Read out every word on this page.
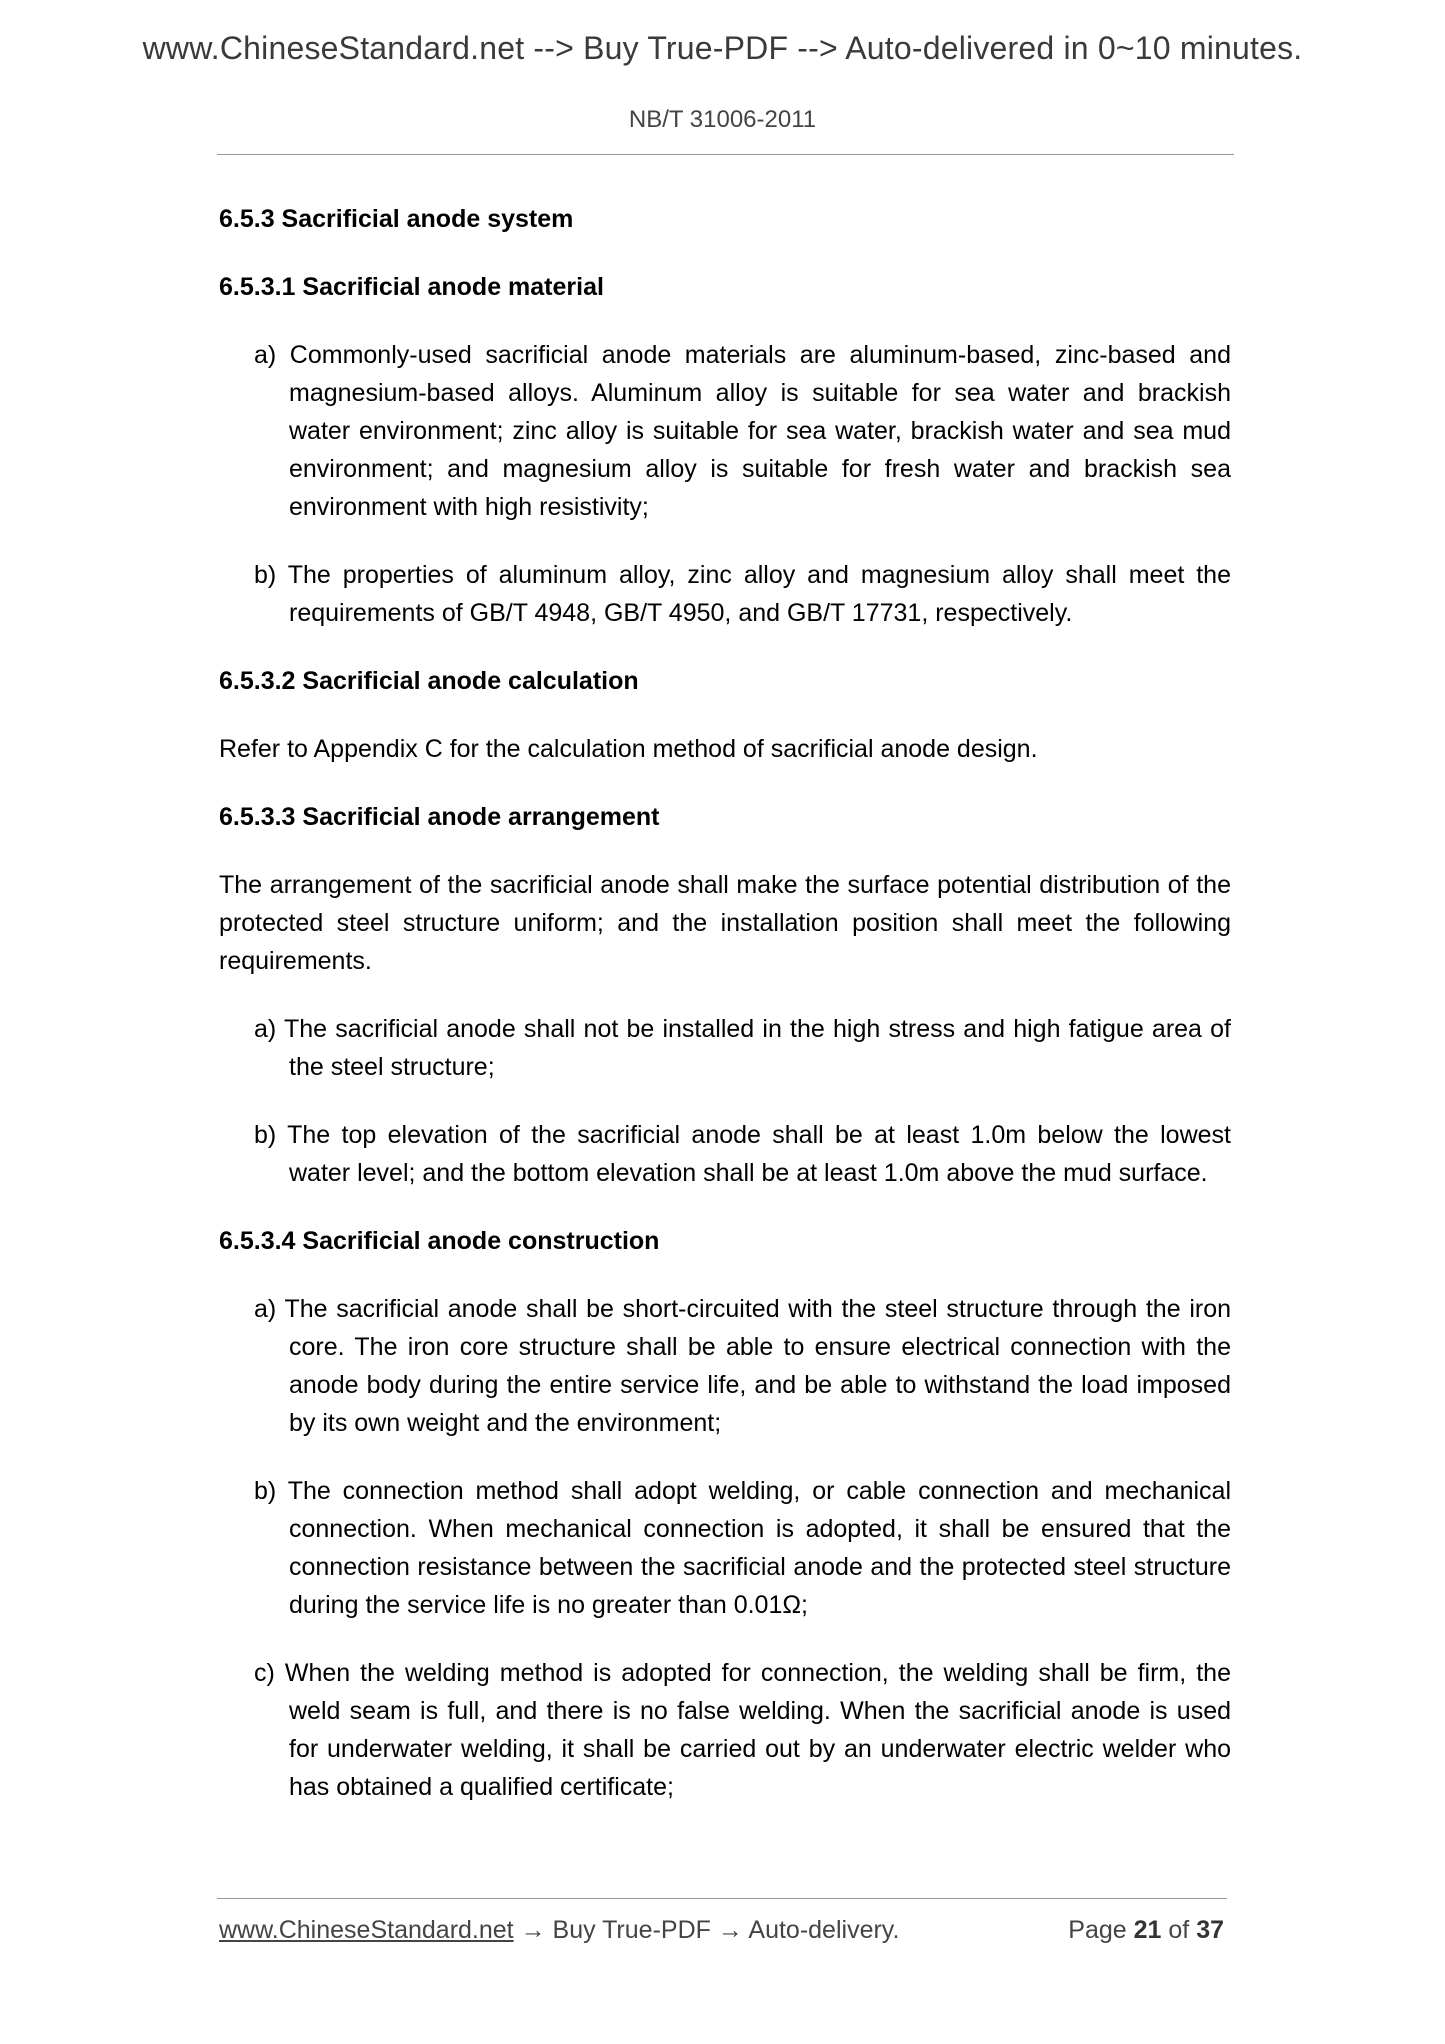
www.ChineseStandard.net --> Buy True-PDF --> Auto-delivered in 0~10 minutes.
NB/T 31006-2011
6.5.3 Sacrificial anode system
6.5.3.1 Sacrificial anode material
a) Commonly-used sacrificial anode materials are aluminum-based, zinc-based and magnesium-based alloys. Aluminum alloy is suitable for sea water and brackish water environment; zinc alloy is suitable for sea water, brackish water and sea mud environment; and magnesium alloy is suitable for fresh water and brackish sea environment with high resistivity;
b) The properties of aluminum alloy, zinc alloy and magnesium alloy shall meet the requirements of GB/T 4948, GB/T 4950, and GB/T 17731, respectively.
6.5.3.2 Sacrificial anode calculation
Refer to Appendix C for the calculation method of sacrificial anode design.
6.5.3.3 Sacrificial anode arrangement
The arrangement of the sacrificial anode shall make the surface potential distribution of the protected steel structure uniform; and the installation position shall meet the following requirements.
a) The sacrificial anode shall not be installed in the high stress and high fatigue area of the steel structure;
b) The top elevation of the sacrificial anode shall be at least 1.0m below the lowest water level; and the bottom elevation shall be at least 1.0m above the mud surface.
6.5.3.4 Sacrificial anode construction
a) The sacrificial anode shall be short-circuited with the steel structure through the iron core. The iron core structure shall be able to ensure electrical connection with the anode body during the entire service life, and be able to withstand the load imposed by its own weight and the environment;
b) The connection method shall adopt welding, or cable connection and mechanical connection. When mechanical connection is adopted, it shall be ensured that the connection resistance between the sacrificial anode and the protected steel structure during the service life is no greater than 0.01Ω;
c) When the welding method is adopted for connection, the welding shall be firm, the weld seam is full, and there is no false welding. When the sacrificial anode is used for underwater welding, it shall be carried out by an underwater electric welder who has obtained a qualified certificate;
www.ChineseStandard.net → Buy True-PDF → Auto-delivery.	Page 21 of 37
